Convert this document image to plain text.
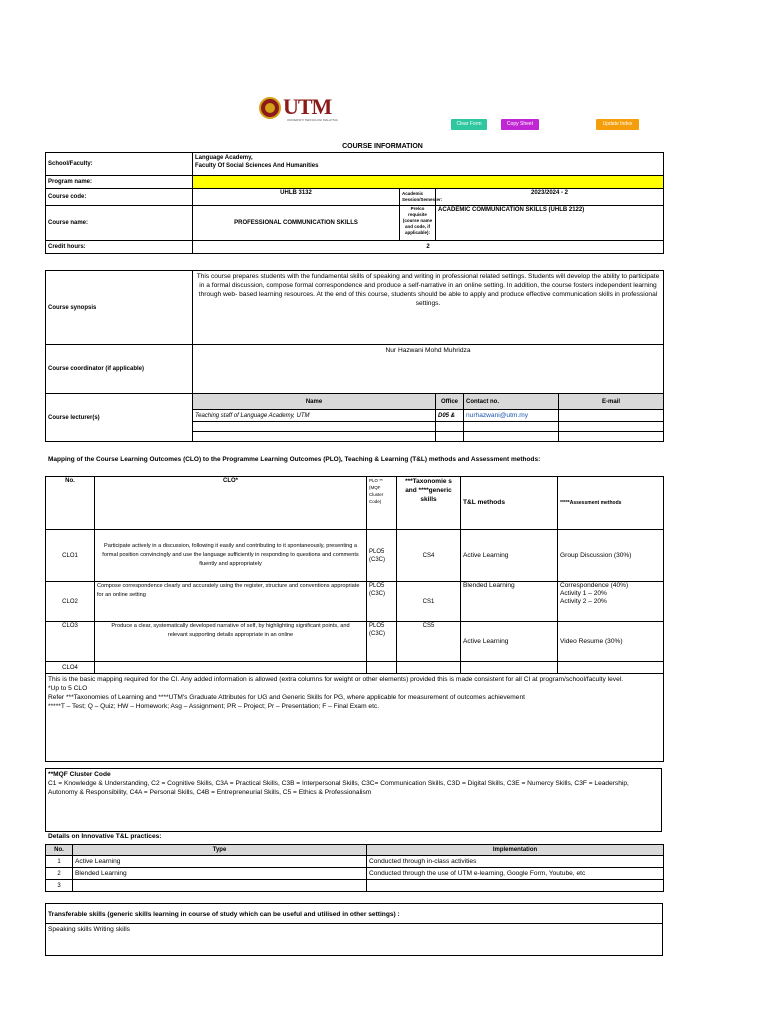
UTM
UNIVERSITI TEKNOLOGI MALAYSIA
Clear Form	Copy Sheet	Update Index
COURSE INFORMATION
School/Faculty:	Language Academy,
Faculty Of Social Sciences And Humanities		

Program name:			
Course code:	UHLB 3132	Academic Session/Semester:	2023/2024 - 2
Course name:	PROFESSIONAL COMMUNICATION SKILLS	Pre/co requisite (course name and code, if applicable):	ACADEMIC COMMUNICATION SKILLS (UHLB 2122)
Credit hours:	2		
Course synopsis	This course prepares students with the fundamental skills of speaking and writing in professional related settings. Students will develop the ability to participate in a formal discussion, compose formal correspondence and produce a self-narrative in an online setting. In addition, the course fosters independent learning through web- based learning resources. At the end of this course, students should be able to apply and produce effective communication skills in professional settings.			
Course coordinator (if applicable)	Nur Hazwani Mohd Muhridza			
Course lecturer(s)	Name	Office	Contact no.	E-mail
	Teaching staff of Language Academy, UTM	D05 &	nurhazwani@utm.my	

Mapping of the Course Learning Outcomes (CLO) to the Programme Learning Outcomes (PLO), Teaching & Learning (T&L) methods and Assessment methods:
No.	CLO*	PLO **(MQF Cluster Code)	***Taxonomie s and ****generic skills	T&L methods	*****Assessment methods
CLO1	Participate actively in a discussion, following it easily and contributing to it spontaneously, presenting a formal position convincingly and use the language sufficiently in responding to questions and comments fluently and appropriately	PLO5 (C3C)	CS4	Active Learning	Group Discussion (30%)
CLO2	Compose correspondence clearly and accurately using the register, structure and conventions appropriate for an online setting	PLO5 (C3C)	CS1	Blended Learning	Correspondence (40%)
Activity 1 – 20%
Activity 2 – 20%

CLO3	Produce a clear, systematically developed narrative of self, by highlighting significant points, and
relevant supporting details appropriate in an online	PLO5 (C3C)	CS5	Active Learning	Video Resume (30%)
CLO4					

This is the basic mapping required for the CI. Any added information is allowed (extra columns for weight or other elements) provided this is made consistent for all CI at program/school/faculty level.
*Up to 5 CLO
Refer ***Taxonomies of Learning and ****UTM's Graduate Attributes for UG and Generic Skills for PG, where applicable for measurement of outcomes achievement
*****T – Test; Q – Quiz; HW – Homework; Asg – Assignment; PR – Project; Pr – Presentation; F – Final Exam etc.					
**MQF Cluster Code
C1 = Knowledge & Understanding, C2 = Cognitive Skills, C3A = Practical Skills, C3B = Interpersonal Skills, C3C= Communication Skills, C3D = Digital Skills, C3E = Numercy Skills, C3F = Leadership, Autonomy & Responsibility, C4A = Personal Skills, C4B = Entrepreneurial Skills, C5 = Ethics & Professionalism
Details on Innovative T&L practices:
No.	Type	Implementation
1	Active Learning	Conducted through in-class activities
2	Blended Learning	Conducted through the use of UTM e-learning, Google Form, Youtube, etc
3		
Transferable skills (generic skills learning in course of study which can be useful and utilised in other settings) :
Speaking skills Writing skills
